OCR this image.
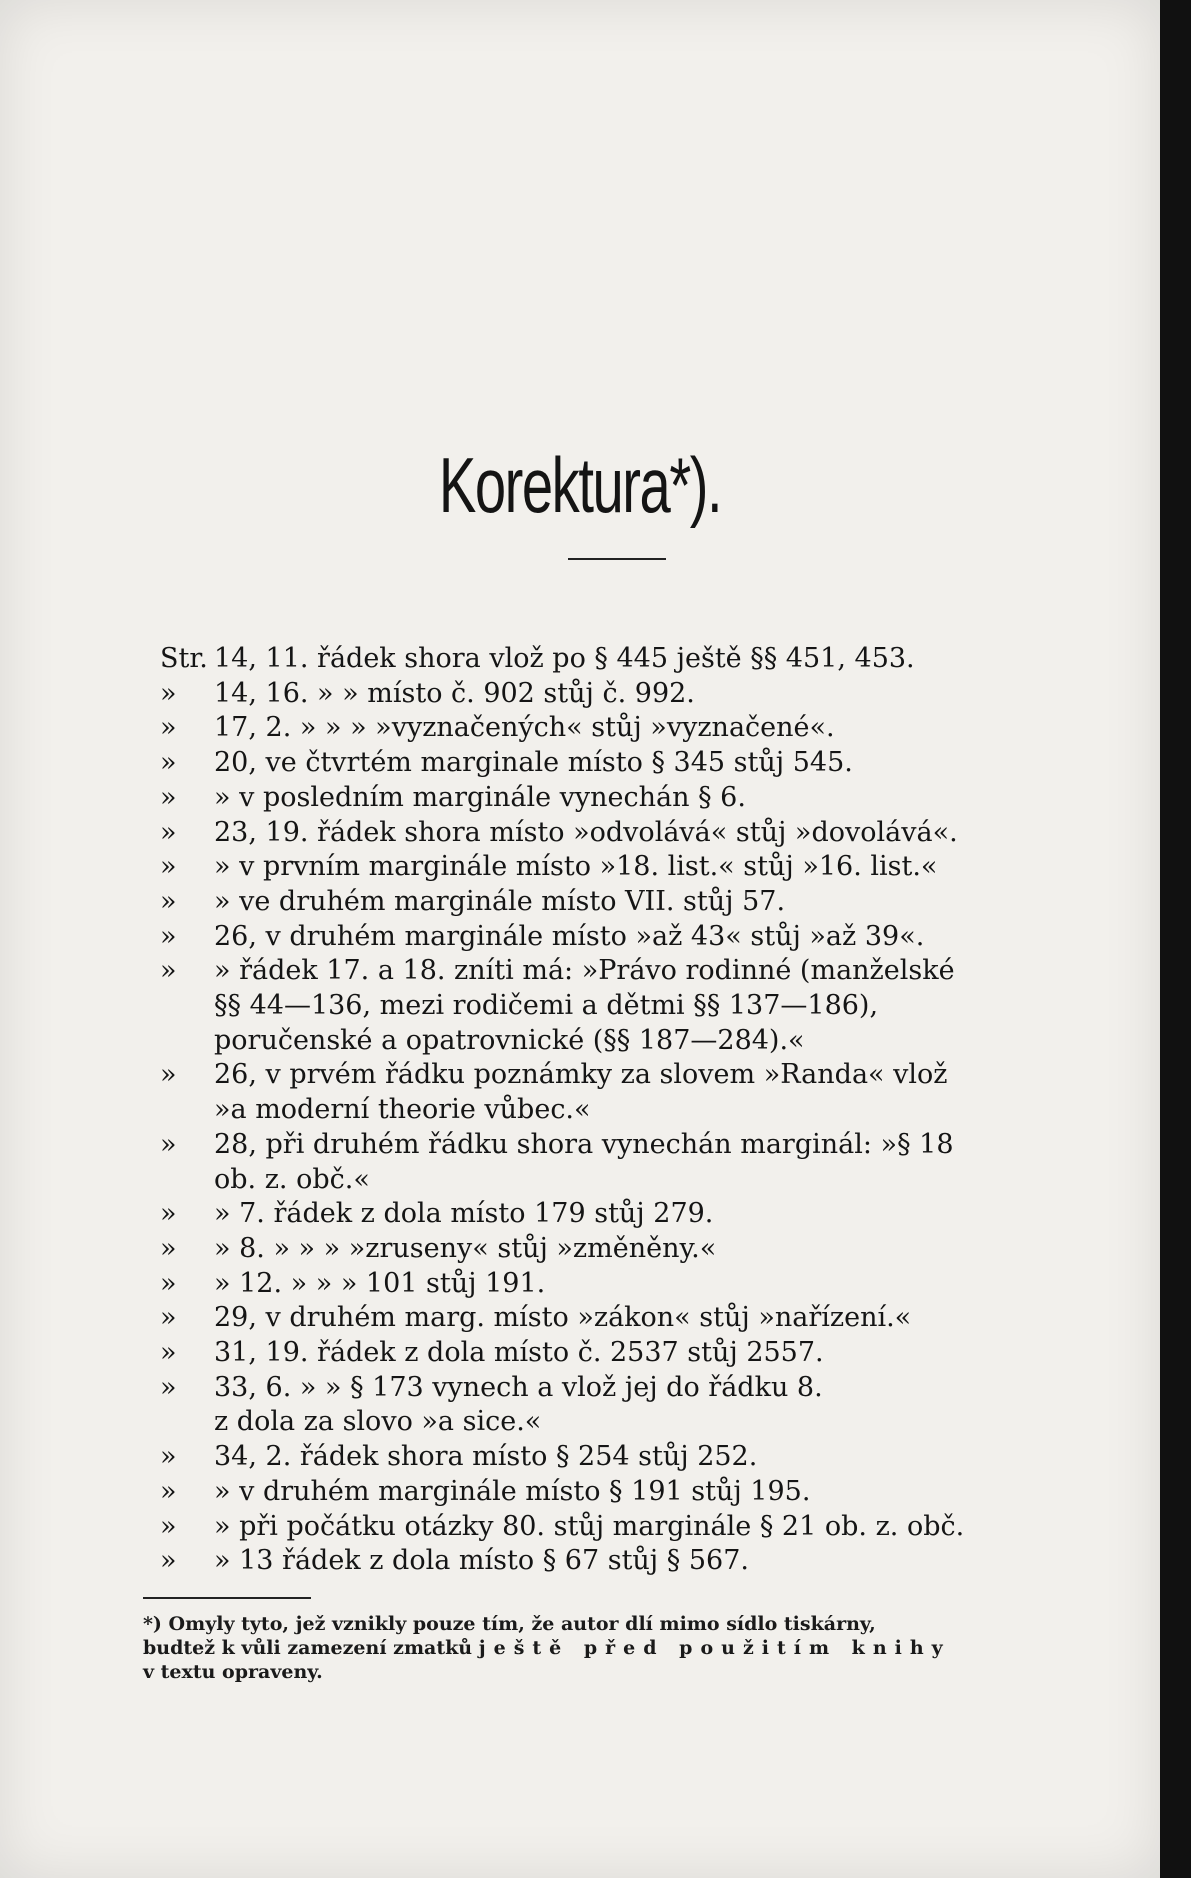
Korektura*).
Str. 14, 11. řádek shora vlož po § 445 ještě §§ 451, 453.
»	14, 16. » » místo č. 902 stůj č. 992.
»	17, 2. » » » »vyznačených« stůj »vyznačené«.
»	20, ve čtvrtém marginale místo § 345 stůj 545.
»	» v posledním marginále vynechán § 6.
»	23, 19. řádek shora místo »odvolává« stůj »dovolává«.
»	» v prvním marginále místo »18. list.« stůj »16. list.«
»	» ve druhém marginále místo VII. stůj 57.
»	26, v druhém marginále místo »až 43« stůj »až 39«.
»	» řádek 17. a 18. zníti má: »Právo rodinné (manželské
§§ 44—136, mezi rodičemi a dětmi §§ 137—186),
poručenské a opatrovnické (§§ 187—284).«
»	26, v prvém řádku poznámky za slovem »Randa« vlož
»a moderní theorie vůbec.«
»	28, při druhém řádku shora vynechán marginál: »§ 18
ob. z. obč.«
»	» 7. řádek z dola místo 179 stůj 279.
»	» 8. » » » »zruseny« stůj »změněny.«
»	» 12. » » » 101 stůj 191.
»	29, v druhém marg. místo »zákon« stůj »nařízení.«
»	31, 19. řádek z dola místo č. 2537 stůj 2557.
»	33, 6. » » § 173 vynech a vlož jej do řádku 8.
z dola za slovo »a sice.«
»	34, 2. řádek shora místo § 254 stůj 252.
»	» v druhém marginále místo § 191 stůj 195.
»	» při počátku otázky 80. stůj marginále § 21 ob. z. obč.
»	» 13 řádek z dola místo § 67 stůj § 567.
*) Omyly tyto, jež vznikly pouze tím, že autor dlí mimo sídlo tiskárny,
budtež k vůli zamezení zmatků ještě před použitím knihy
v textu opraveny.
